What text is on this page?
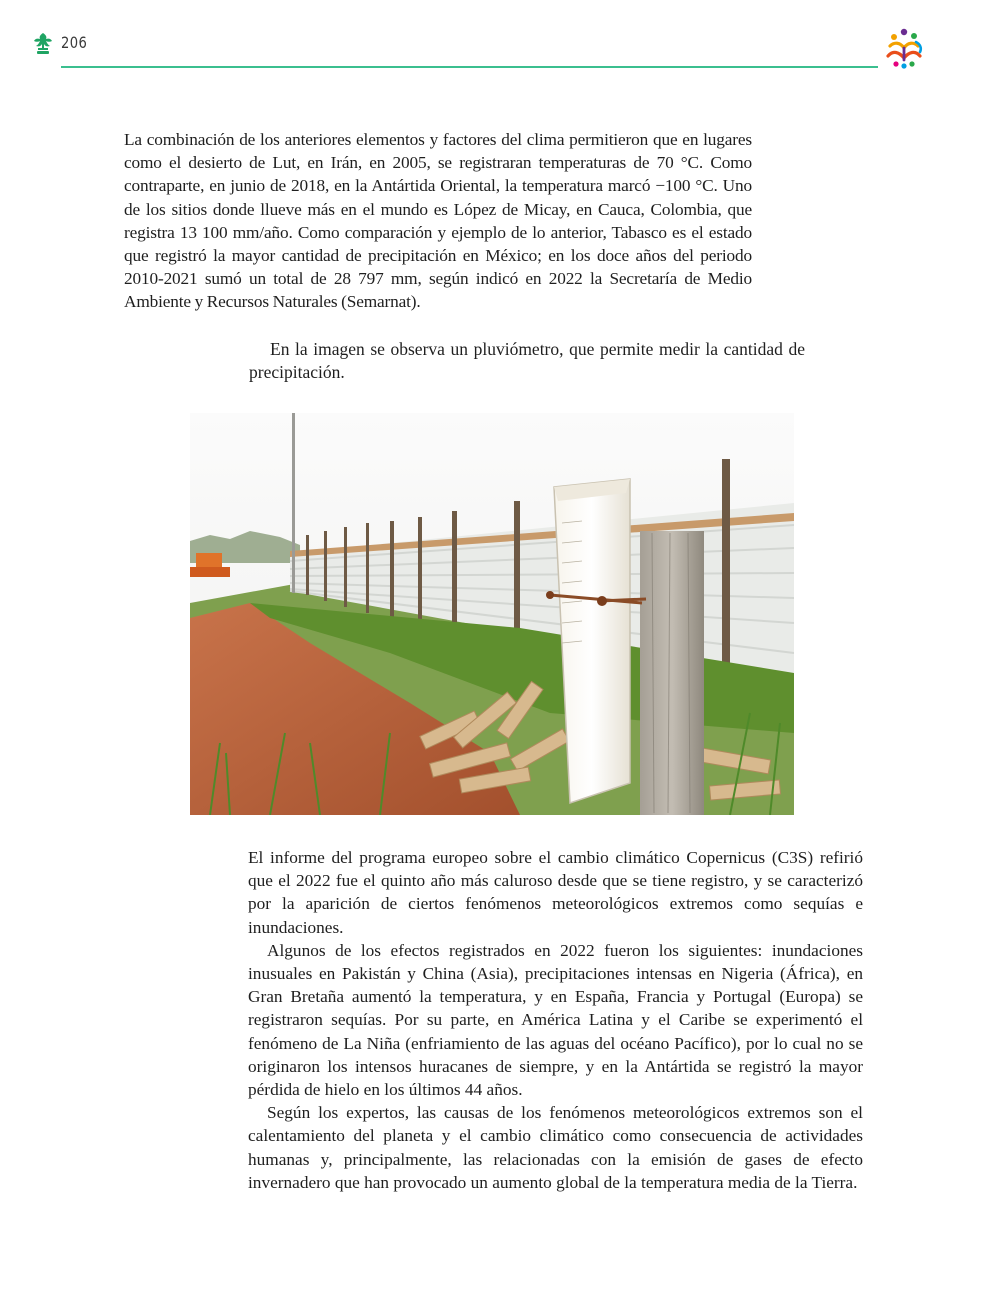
206

La combinación de los anteriores elementos y factores del clima permitieron que en lugares como el desierto de Lut, en Irán, en 2005, se registraran temperaturas de 70 °C. Como contraparte, en junio de 2018, en la Antártida Oriental, la temperatura marcó −100 °C. Uno de los sitios donde llueve más en el mundo es López de Micay, en Cauca, Colombia, que registra 13 100 mm/año. Como comparación y ejemplo de lo anterior, Tabasco es el estado que registró la mayor cantidad de precipitación en México; en los doce años del periodo 2010-2021 sumó un total de 28 797 mm, según indicó en 2022 la Secretaría de Medio Ambiente y Recursos Naturales (Semarnat).

En la imagen se observa un pluviómetro, que permite medir la cantidad de precipitación.

El informe del programa europeo sobre el cambio climático Copernicus (C3S) refirió que el 2022 fue el quinto año más caluroso desde que se tiene registro, y se caracterizó por la aparición de ciertos fenómenos meteorológicos extremos como sequías e inundaciones.

Algunos de los efectos registrados en 2022 fueron los siguientes: inundaciones inusuales en Pakistán y China (Asia), precipitaciones intensas en Nigeria (África), en Gran Bretaña aumentó la temperatura, y en España, Francia y Portugal (Europa) se registraron sequías. Por su parte, en América Latina y el Caribe se experimentó el fenómeno de La Niña (enfriamiento de las aguas del océano Pacífico), por lo cual no se originaron los intensos huracanes de siempre, y en la Antártida se registró la mayor pérdida de hielo en los últimos 44 años.

Según los expertos, las causas de los fenómenos meteorológicos extremos son el calentamiento del planeta y el cambio climático como consecuencia de actividades humanas y, principalmente, las relacionadas con la emisión de gases de efecto invernadero que han provocado un aumento global de la temperatura media de la Tierra.
